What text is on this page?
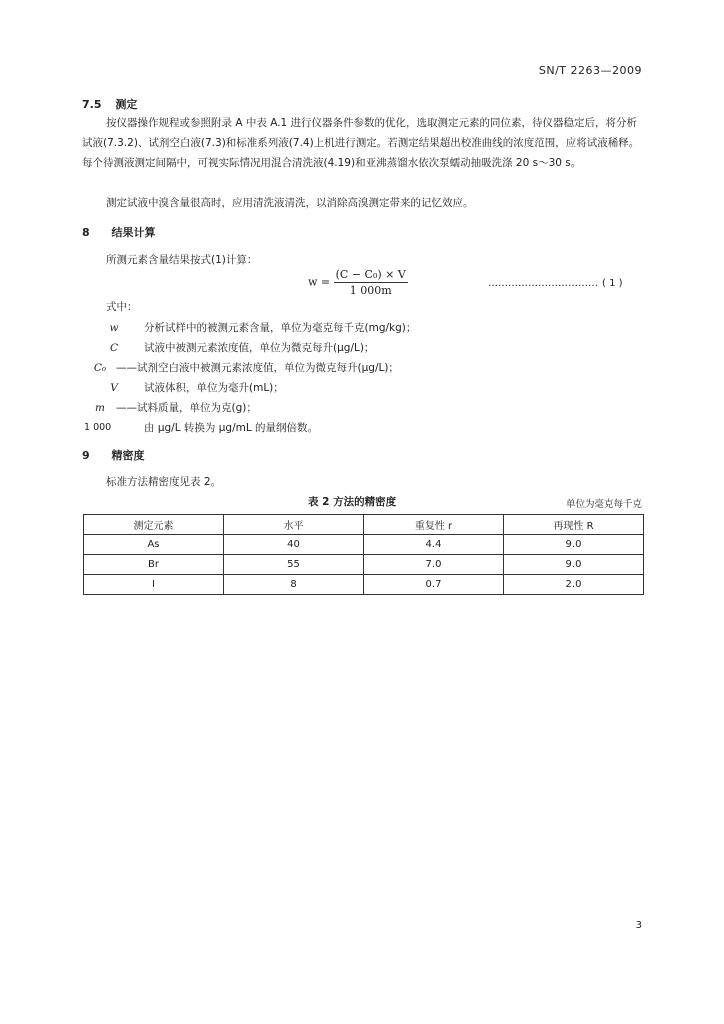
SN/T 2263—2009
7.5 测定
按仪器操作规程或参照附录 A 中表 A.1 进行仪器条件参数的优化，选取测定元素的同位素，待仪器稳定后，将分析试液(7.3.2)、试剂空白液(7.3)和标准系列液(7.4)上机进行测定。若测定结果超出校准曲线的浓度范围，应将试液稀释。每个待测液测定间隔中，可视实际情况用混合清洗液(4.19)和亚沸蒸馏水依次泵蠕动抽吸洗涤 20 s～30 s。
测定试液中溴含量很高时，应用清洗液清洗，以消除高溴测定带来的记忆效应。
8 结果计算
所测元素含量结果按式(1)计算：
$w = \frac{\text{(C − C₀) × V}}{1 000m}$	…………………………… ( 1 )
式中：
w	分析试样中的被测元素含量，单位为毫克每千克(mg/kg)；
C	试液中被测元素浓度值，单位为微克每升(μg/L)；
C₀ —— 试剂空白液中被测元素浓度值，单位为微克每升(μg/L)；
V	试液体积，单位为毫升(mL)；
m	—— 试料质量，单位为克(g)；
1 000	由 μg/L 转换为 μg/mL 的量纲倍数。
9 精密度
标准方法精密度见表 2。
表 2 方法的精密度	单位为毫克每千克
测定元素	水平	重复性 r	再现性 R
As	40	4.4	9.0
Br	55	7.0	9.0
I	8	0.7	2.0
3
